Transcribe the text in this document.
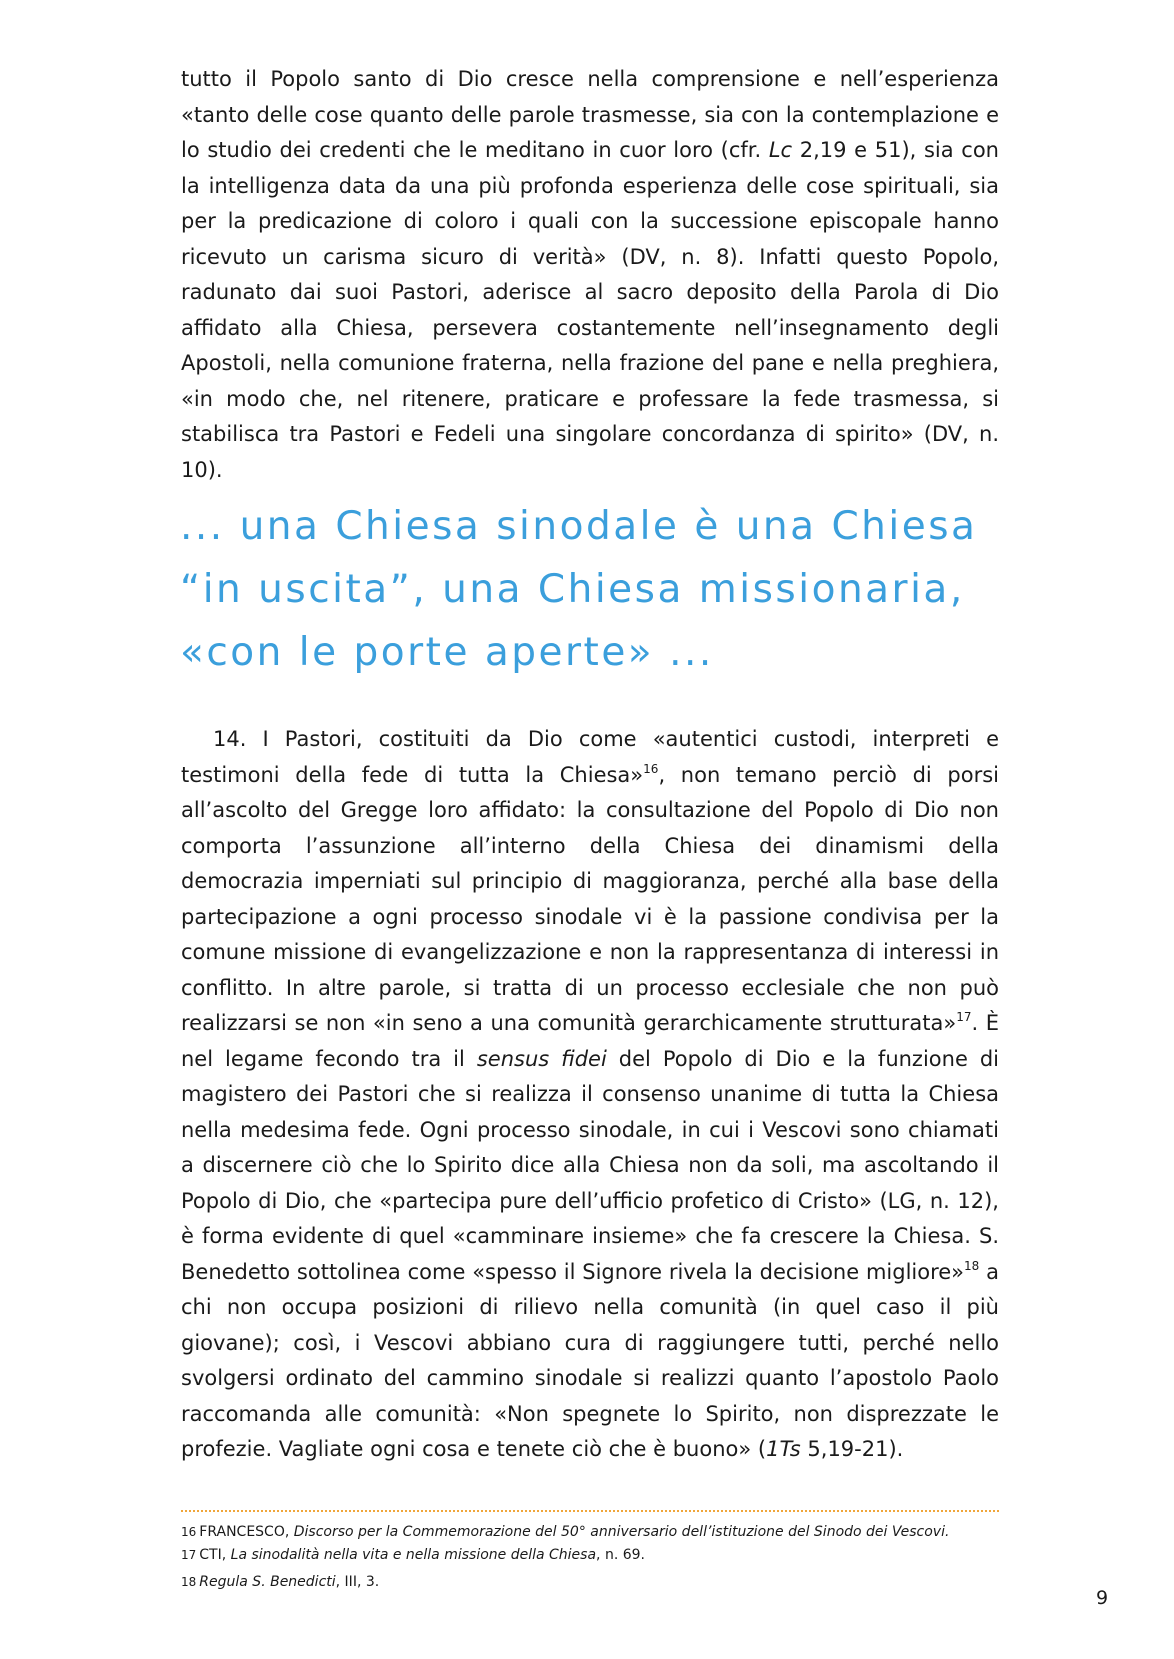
tutto il Popolo santo di Dio cresce nella comprensione e nell’esperienza «tanto delle cose quanto delle parole trasmesse, sia con la contemplazione e lo studio dei credenti che le meditano in cuor loro (cfr. Lc 2,19 e 51), sia con la intelligenza data da una più profonda esperienza delle cose spirituali, sia per la predicazione di coloro i quali con la successione episcopale hanno ricevuto un carisma sicuro di verità» (DV, n. 8). Infatti questo Popolo, radunato dai suoi Pastori, aderisce al sacro deposito della Parola di Dio affidato alla Chiesa, persevera costantemente nell’insegnamento degli Apostoli, nella comunione fraterna, nella frazione del pane e nella preghiera, «in modo che, nel ritenere, praticare e professare la fede trasmessa, si stabilisca tra Pastori e Fedeli una singolare concordanza di spirito» (DV, n. 10).

... una Chiesa sinodale è una Chiesa
“in uscita”, una Chiesa missionaria,
«con le porte aperte» ...

14. I Pastori, costituiti da Dio come «autentici custodi, interpreti e testimoni della fede di tutta la Chiesa»$^{16}$, non temano perciò di porsi all’ascolto del Gregge loro affidato: la consultazione del Popolo di Dio non comporta l’assunzione all’interno della Chiesa dei dinamismi della democrazia imperniati sul principio di maggioranza, perché alla base della partecipazione a ogni processo sinodale vi è la passione condivisa per la comune missione di evangelizzazione e non la rappresentanza di interessi in conflitto. In altre parole, si tratta di un processo ecclesiale che non può realizzarsi se non «in seno a una comunità gerarchicamente strutturata»$^{17}$. È nel legame fecondo tra il sensus fidei del Popolo di Dio e la funzione di magistero dei Pastori che si realizza il consenso unanime di tutta la Chiesa nella medesima fede. Ogni processo sinodale, in cui i Vescovi sono chiamati a discernere ciò che lo Spirito dice alla Chiesa non da soli, ma ascoltando il Popolo di Dio, che «partecipa pure dell’ufficio profetico di Cristo» (LG, n. 12), è forma evidente di quel «camminare insieme» che fa crescere la Chiesa. S. Benedetto sottolinea come «spesso il Signore rivela la decisione migliore»$^{18}$ a chi non occupa posizioni di rilievo nella comunità (in quel caso il più giovane); così, i Vescovi abbiano cura di raggiungere tutti, perché nello svolgersi ordinato del cammino sinodale si realizzi quanto l’apostolo Paolo raccomanda alle comunità: «Non spegnete lo Spirito, non disprezzate le profezie. Vagliate ogni cosa e tenete ciò che è buono» (1Ts 5,19-21).

16 FRANCESCO, Discorso per la Commemorazione del 50° anniversario dell’istituzione del Sinodo dei Vescovi.
17 CTI, La sinodalità nella vita e nella missione della Chiesa, n. 69.
18 Regula S. Benedicti, III, 3.
9
